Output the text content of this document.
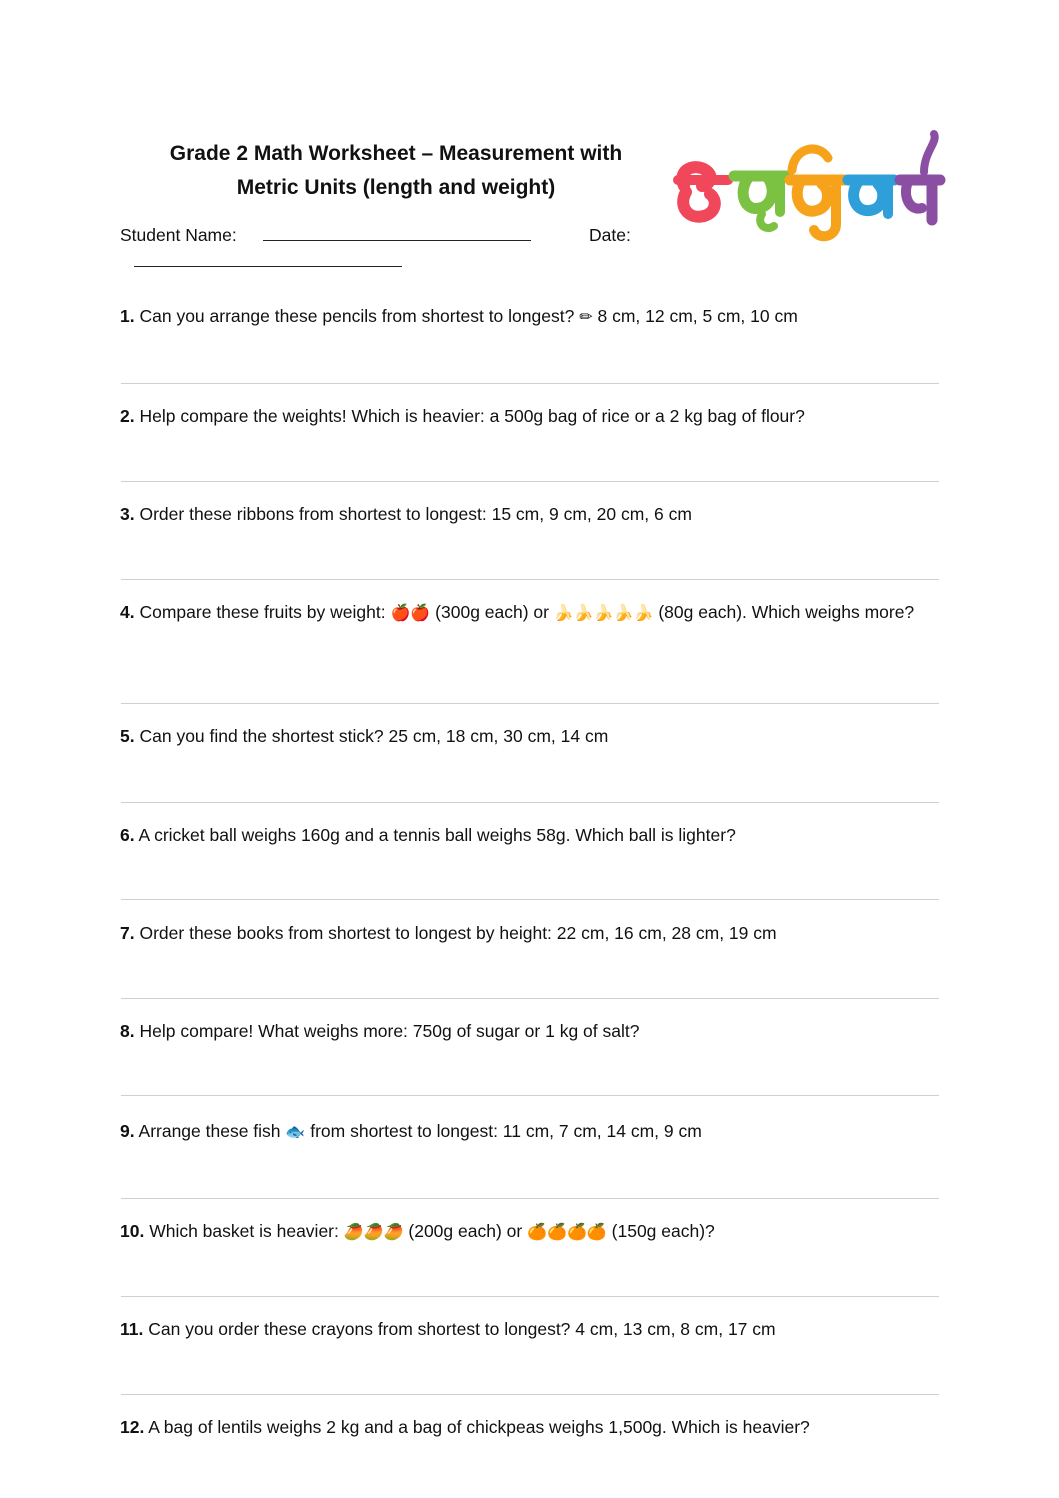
Grade 2 Math Worksheet – Measurement with
Metric Units (length and weight)
Student Name:	Date:
1. Can you arrange these pencils from shortest to longest? ✏ 8 cm, 12 cm, 5 cm, 10 cm
2. Help compare the weights! Which is heavier: a 500g bag of rice or a 2 kg bag of flour?
3. Order these ribbons from shortest to longest: 15 cm, 9 cm, 20 cm, 6 cm
4. Compare these fruits by weight: 🍎🍎 (300g each) or 🍌🍌🍌🍌🍌 (80g each). Which weighs more?
5. Can you find the shortest stick? 25 cm, 18 cm, 30 cm, 14 cm
6. A cricket ball weighs 160g and a tennis ball weighs 58g. Which ball is lighter?
7. Order these books from shortest to longest by height: 22 cm, 16 cm, 28 cm, 19 cm
8. Help compare! What weighs more: 750g of sugar or 1 kg of salt?
9. Arrange these fish 🐟 from shortest to longest: 11 cm, 7 cm, 14 cm, 9 cm
10. Which basket is heavier: 🥭🥭🥭 (200g each) or 🍊🍊🍊🍊 (150g each)?
11. Can you order these crayons from shortest to longest? 4 cm, 13 cm, 8 cm, 17 cm
12. A bag of lentils weighs 2 kg and a bag of chickpeas weighs 1,500g. Which is heavier?
